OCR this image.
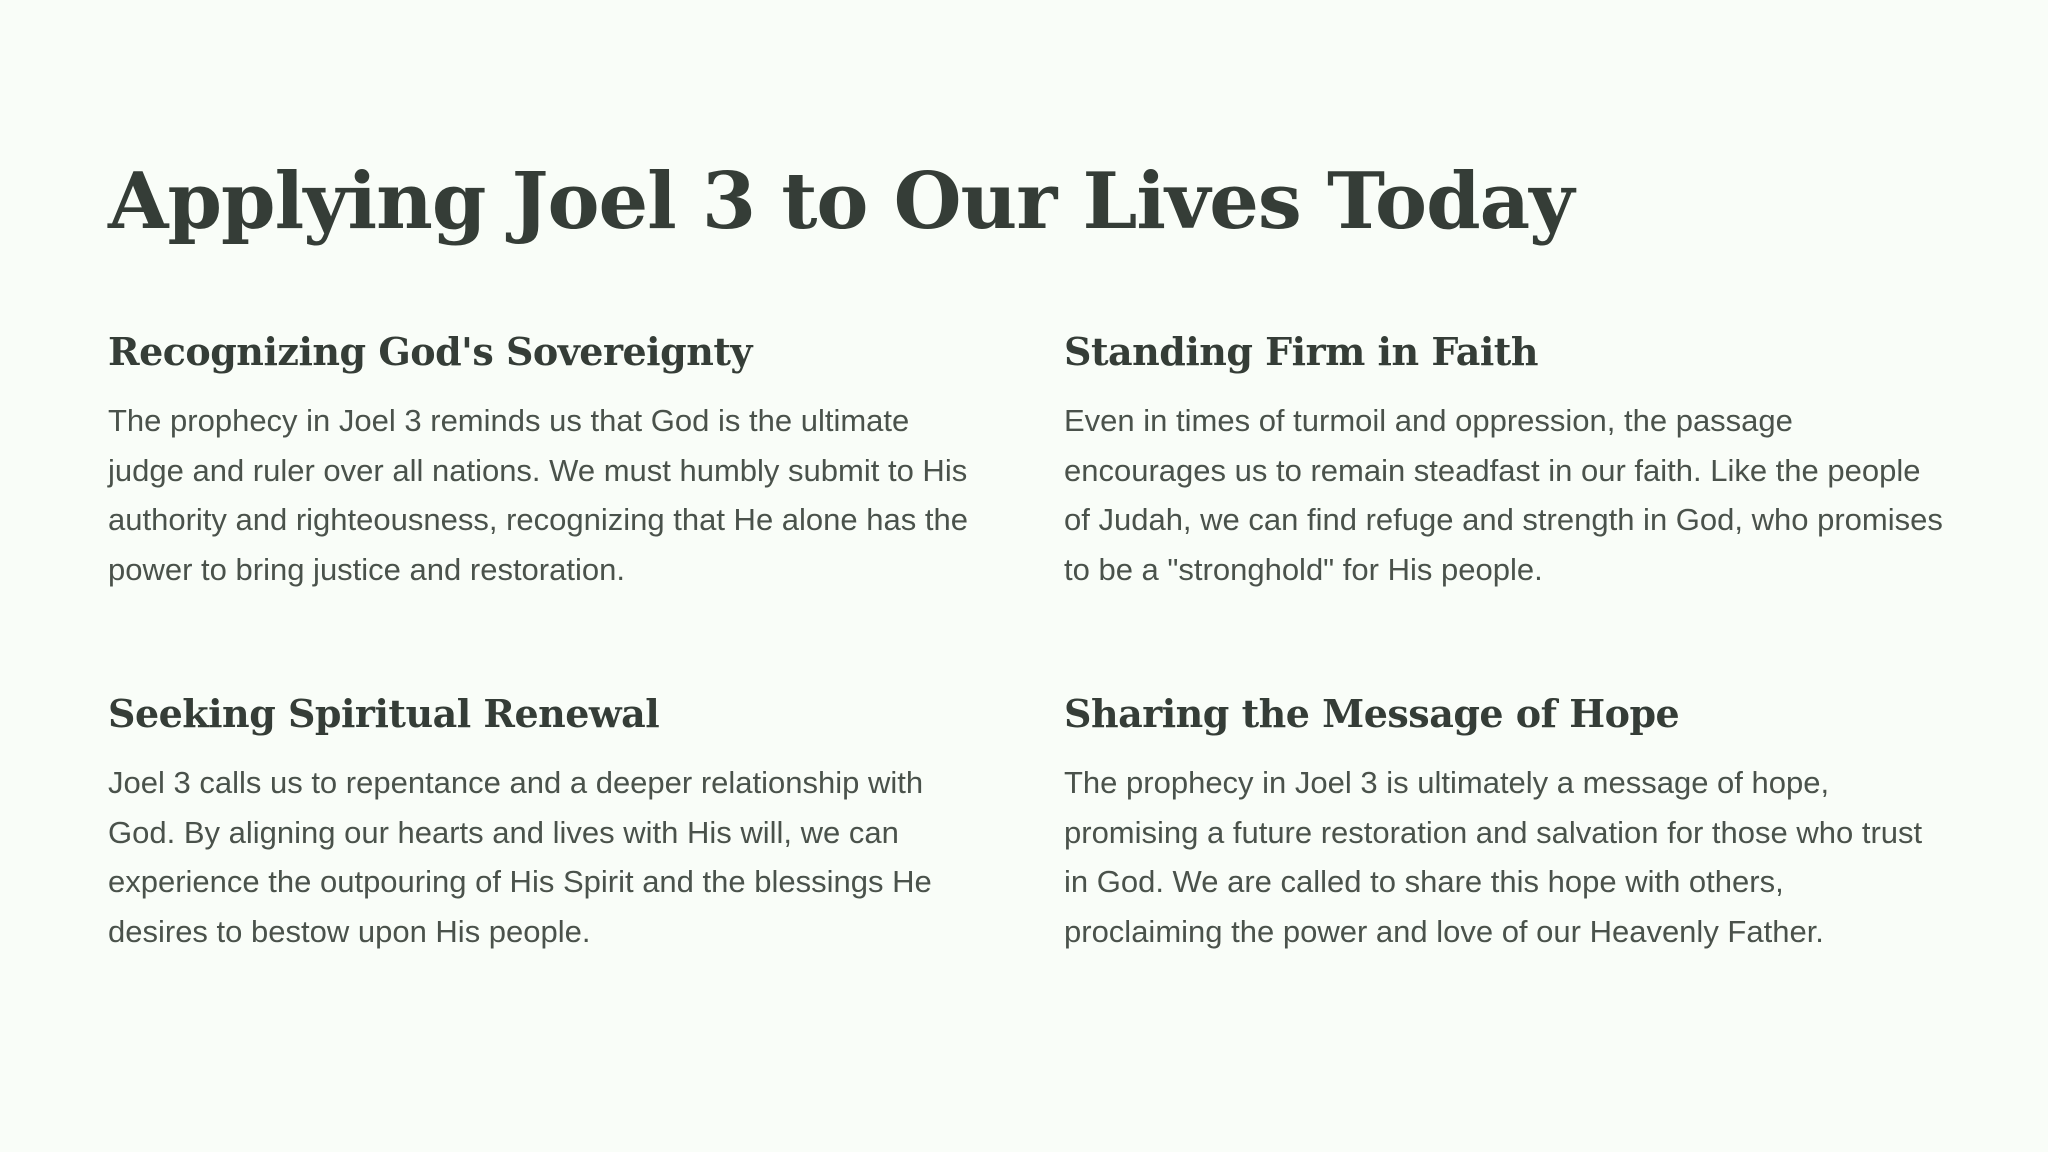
Applying Joel 3 to Our Lives Today
Recognizing God's Sovereignty

The prophecy in Joel 3 reminds us that God is the ultimate judge and ruler over all nations. We must humbly submit to His authority and righteousness, recognizing that He alone has the power to bring justice and restoration.

Standing Firm in Faith

Even in times of turmoil and oppression, the passage encourages us to remain steadfast in our faith. Like the people of Judah, we can find refuge and strength in God, who promises to be a "stronghold" for His people.

Seeking Spiritual Renewal

Joel 3 calls us to repentance and a deeper relationship with God. By aligning our hearts and lives with His will, we can experience the outpouring of His Spirit and the blessings He desires to bestow upon His people.

Sharing the Message of Hope

The prophecy in Joel 3 is ultimately a message of hope, promising a future restoration and salvation for those who trust in God. We are called to share this hope with others, proclaiming the power and love of our Heavenly Father.
